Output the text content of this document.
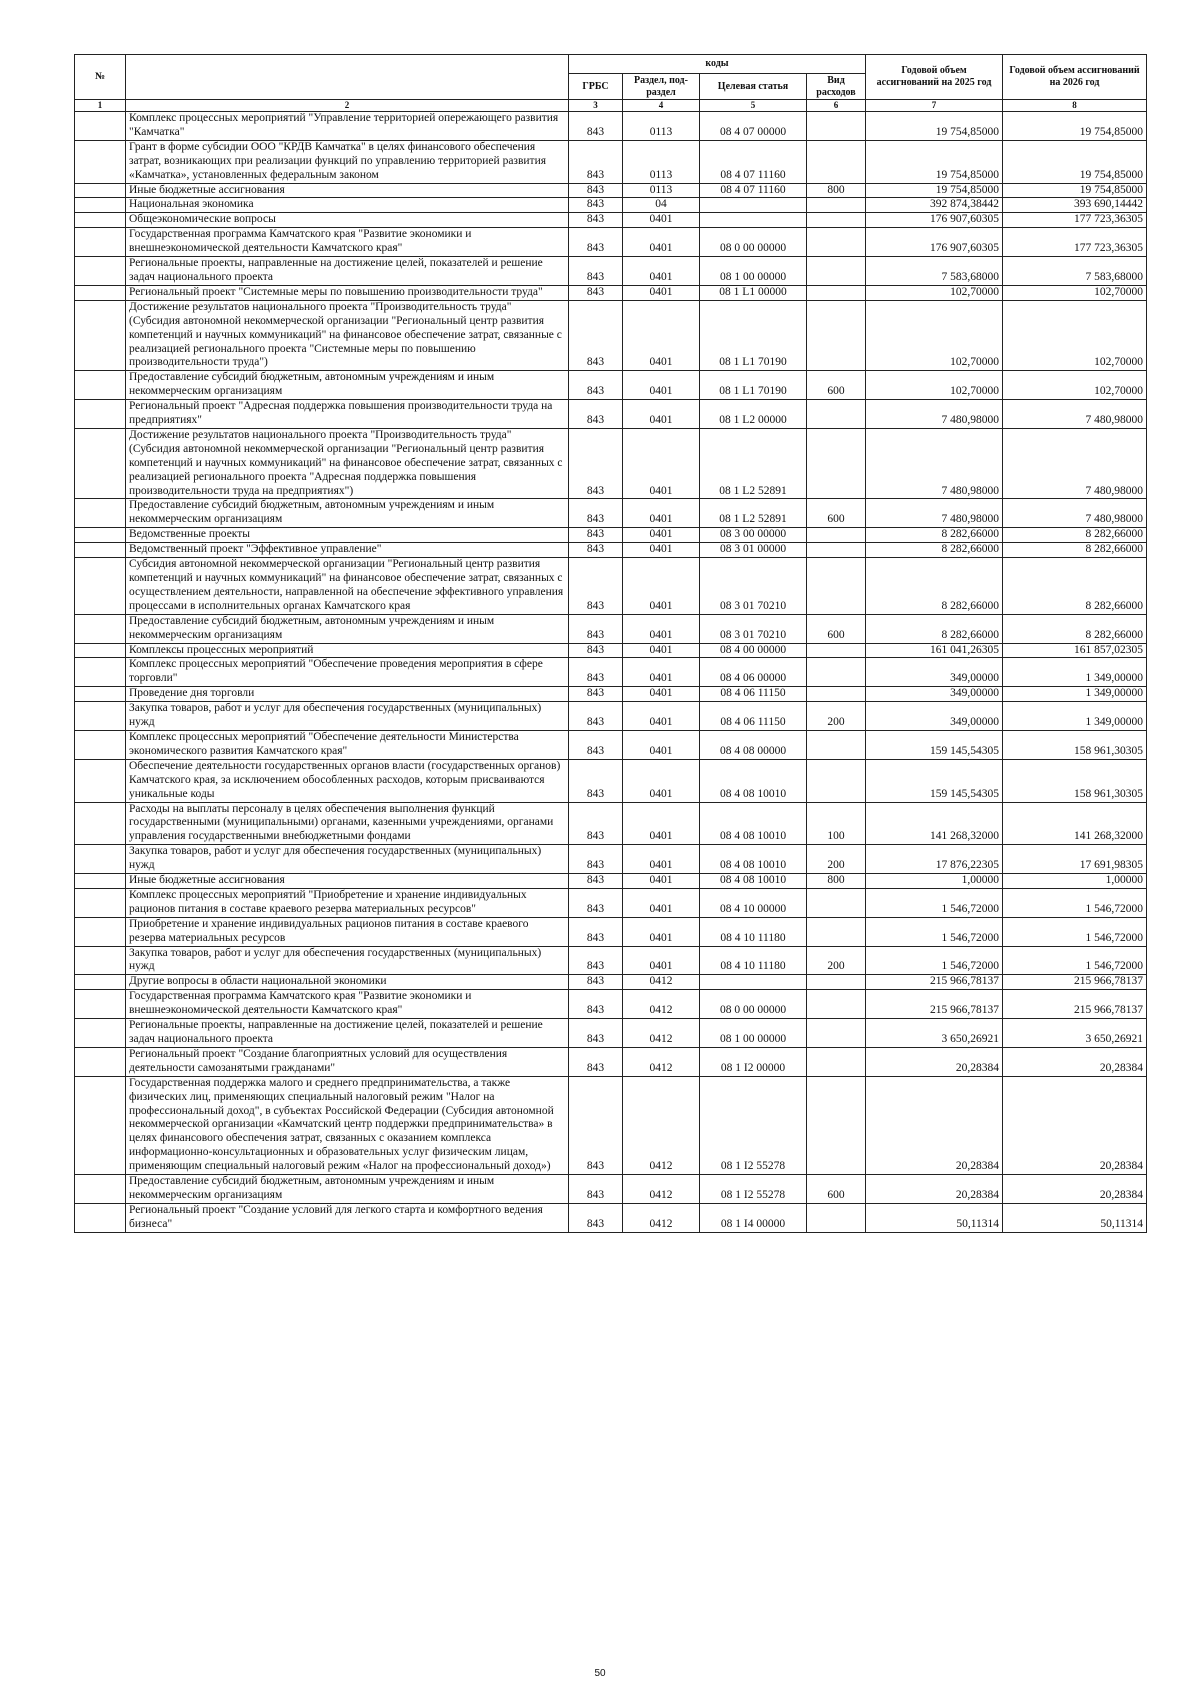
№		коды				Годовой объем ассигнований на 2025 год	Годовой объем ассигнований на 2026 год
		ГРБС	Раздел, под-раздел	Целевая статья	Вид расходов		
1	2	3	4	5	6	7	8
	Комплекс процессных мероприятий "Управление территорией опережающего развития "Камчатка"	843	0113	08 4 07 00000		19 754,85000	19 754,85000
	Грант в форме субсидии ООО "КРДВ Камчатка" в целях финансового обеспечения затрат, возникающих при реализации функций по управлению территорией развития «Камчатка», установленных федеральным законом	843	0113	08 4 07 11160		19 754,85000	19 754,85000
	Иные бюджетные ассигнования	843	0113	08 4 07 11160	800	19 754,85000	19 754,85000
	Национальная экономика	843	04			392 874,38442	393 690,14442
	Общеэкономические вопросы	843	0401			176 907,60305	177 723,36305
	Государственная программа Камчатского края "Развитие экономики и внешнеэкономической деятельности Камчатского края"	843	0401	08 0 00 00000		176 907,60305	177 723,36305
	Региональные проекты, направленные на достижение целей, показателей и решение задач национального проекта	843	0401	08 1 00 00000		7 583,68000	7 583,68000
	Региональный проект "Системные меры по повышению производительности труда"	843	0401	08 1 L1 00000		102,70000	102,70000
	Достижение результатов национального проекта "Производительность труда" (Субсидия автономной некоммерческой организации "Региональный центр развития компетенций и научных коммуникаций" на финансовое обеспечение затрат, связанные с реализацией регионального проекта "Системные меры по повышению производительности труда")	843	0401	08 1 L1 70190		102,70000	102,70000
	Предоставление субсидий бюджетным, автономным учреждениям и иным некоммерческим организациям	843	0401	08 1 L1 70190	600	102,70000	102,70000
	Региональный проект "Адресная поддержка повышения производительности труда на предприятиях"	843	0401	08 1 L2 00000		7 480,98000	7 480,98000
	Достижение результатов национального проекта "Производительность труда" (Субсидия автономной некоммерческой организации "Региональный центр развития компетенций и научных коммуникаций" на финансовое обеспечение затрат, связанных с реализацией регионального проекта "Адресная поддержка повышения производительности труда на предприятиях")	843	0401	08 1 L2 52891		7 480,98000	7 480,98000
	Предоставление субсидий бюджетным, автономным учреждениям и иным некоммерческим организациям	843	0401	08 1 L2 52891	600	7 480,98000	7 480,98000
	Ведомственные проекты	843	0401	08 3 00 00000		8 282,66000	8 282,66000
	Ведомственный проект "Эффективное управление"	843	0401	08 3 01 00000		8 282,66000	8 282,66000
	Субсидия автономной некоммерческой организации "Региональный центр развития компетенций и научных коммуникаций" на финансовое обеспечение затрат, связанных с осуществлением деятельности, направленной на обеспечение эффективного управления процессами в исполнительных органах Камчатского края	843	0401	08 3 01 70210		8 282,66000	8 282,66000
	Предоставление субсидий бюджетным, автономным учреждениям и иным некоммерческим организациям	843	0401	08 3 01 70210	600	8 282,66000	8 282,66000
	Комплексы процессных мероприятий	843	0401	08 4 00 00000		161 041,26305	161 857,02305
	Комплекс процессных мероприятий "Обеспечение проведения мероприятия в сфере торговли"	843	0401	08 4 06 00000		349,00000	1 349,00000
	Проведение дня торговли	843	0401	08 4 06 11150		349,00000	1 349,00000
	Закупка товаров, работ и услуг для обеспечения государственных (муниципальных) нужд	843	0401	08 4 06 11150	200	349,00000	1 349,00000
	Комплекс процессных мероприятий "Обеспечение деятельности Министерства экономического развития Камчатского края"	843	0401	08 4 08 00000		159 145,54305	158 961,30305
	Обеспечение деятельности государственных органов власти (государственных органов) Камчатского края, за исключением обособленных расходов, которым присваиваются уникальные коды	843	0401	08 4 08 10010		159 145,54305	158 961,30305
	Расходы на выплаты персоналу в целях обеспечения выполнения функций государственными (муниципальными) органами, казенными учреждениями, органами управления государственными внебюджетными фондами	843	0401	08 4 08 10010	100	141 268,32000	141 268,32000
	Закупка товаров, работ и услуг для обеспечения государственных (муниципальных) нужд	843	0401	08 4 08 10010	200	17 876,22305	17 691,98305
	Иные бюджетные ассигнования	843	0401	08 4 08 10010	800	1,00000	1,00000
	Комплекс процессных мероприятий "Приобретение и хранение индивидуальных рационов питания в составе краевого резерва материальных ресурсов"	843	0401	08 4 10 00000		1 546,72000	1 546,72000
	Приобретение и хранение индивидуальных рационов питания в составе краевого резерва материальных ресурсов	843	0401	08 4 10 11180		1 546,72000	1 546,72000
	Закупка товаров, работ и услуг для обеспечения государственных (муниципальных) нужд	843	0401	08 4 10 11180	200	1 546,72000	1 546,72000
	Другие вопросы в области национальной экономики	843	0412			215 966,78137	215 966,78137
	Государственная программа Камчатского края "Развитие экономики и внешнеэкономической деятельности Камчатского края"	843	0412	08 0 00 00000		215 966,78137	215 966,78137
	Региональные проекты, направленные на достижение целей, показателей и решение задач национального проекта	843	0412	08 1 00 00000		3 650,26921	3 650,26921
	Региональный проект "Создание благоприятных условий для осуществления деятельности самозанятыми гражданами"	843	0412	08 1 I2 00000		20,28384	20,28384
	Государственная поддержка малого и среднего предпринимательства, а также физических лиц, применяющих специальный налоговый режим "Налог на профессиональный доход", в субъектах Российской Федерации (Субсидия автономной некоммерческой организации «Камчатский центр поддержки предпринимательства» в целях финансового обеспечения затрат, связанных с оказанием комплекса информационно-консультационных и образовательных услуг физическим лицам, применяющим специальный налоговый режим «Налог на профессиональный доход»)	843	0412	08 1 I2 55278		20,28384	20,28384
	Предоставление субсидий бюджетным, автономным учреждениям и иным некоммерческим организациям	843	0412	08 1 I2 55278	600	20,28384	20,28384
	Региональный проект "Создание условий для легкого старта и комфортного ведения бизнеса"	843	0412	08 1 I4 00000		50,11314	50,11314
50
